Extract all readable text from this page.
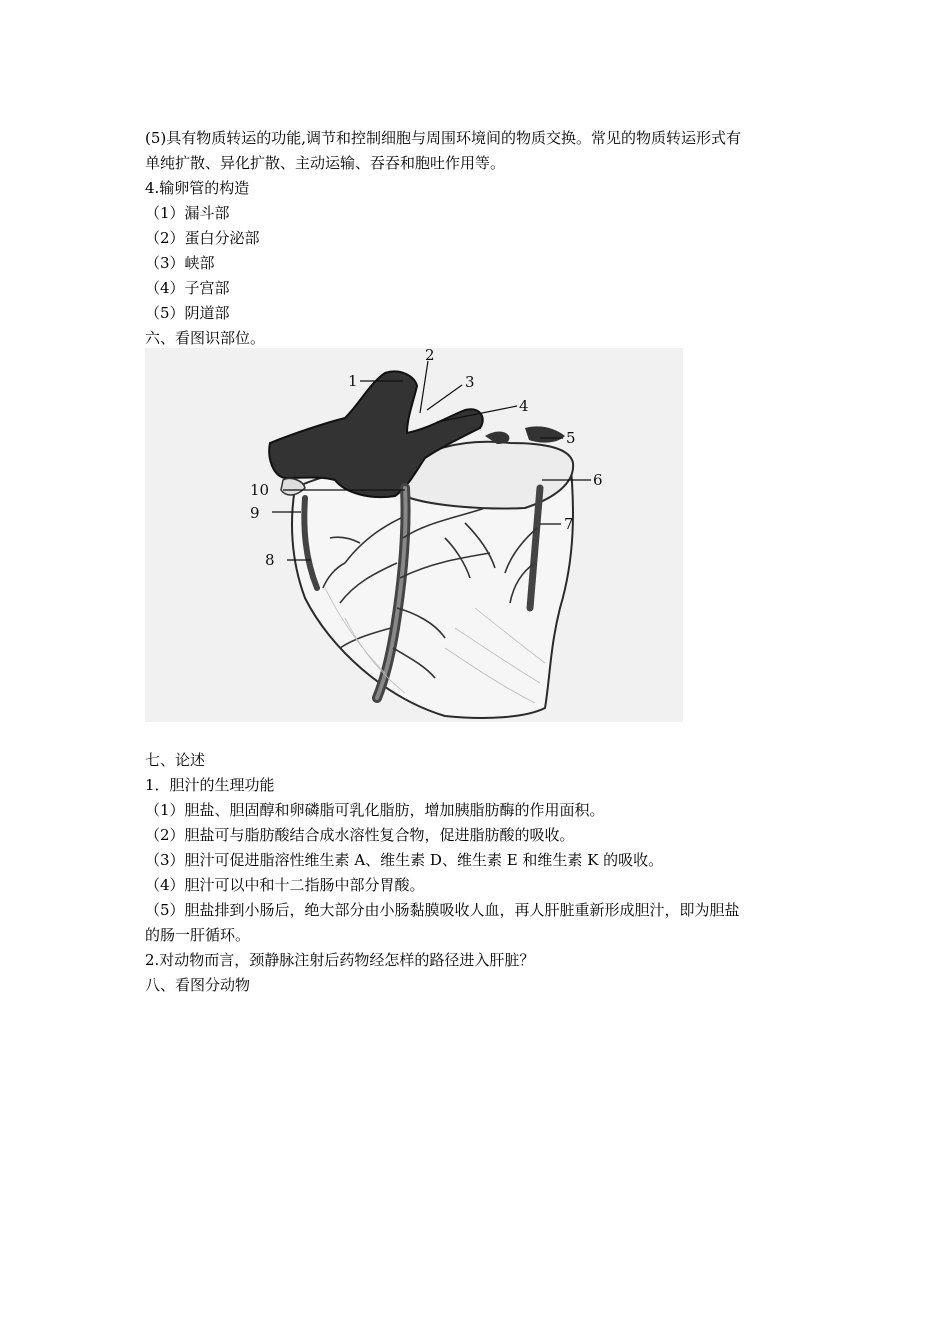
(5)具有物质转运的功能,调节和控制细胞与周围环境间的物质交换。常见的物质转运形式有
单纯扩散、异化扩散、主动运输、吞吞和胞吐作用等。
4.输卵管的构造
（1）漏斗部
（2）蛋白分泌部
（3）峡部
（4）子宫部
（5）阴道部
六、看图识部位。
1
2
3
4
5
6
7
8
9
10
七、论述
1．胆汁的生理功能
（1）胆盐、胆固醇和卵磷脂可乳化脂肪，增加胰脂肪酶的作用面积。
（2）胆盐可与脂肪酸结合成水溶性复合物，促进脂肪酸的吸收。
（3）胆汁可促进脂溶性维生素 A、维生素 D、维生素 E 和维生素 K 的吸收。
（4）胆汁可以中和十二指肠中部分胃酸。
（5）胆盐排到小肠后，绝大部分由小肠黏膜吸收人血，再人肝脏重新形成胆汁，即为胆盐
的肠一肝循环。
2.对动物而言，颈静脉注射后药物经怎样的路径进入肝脏？
八、看图分动物
